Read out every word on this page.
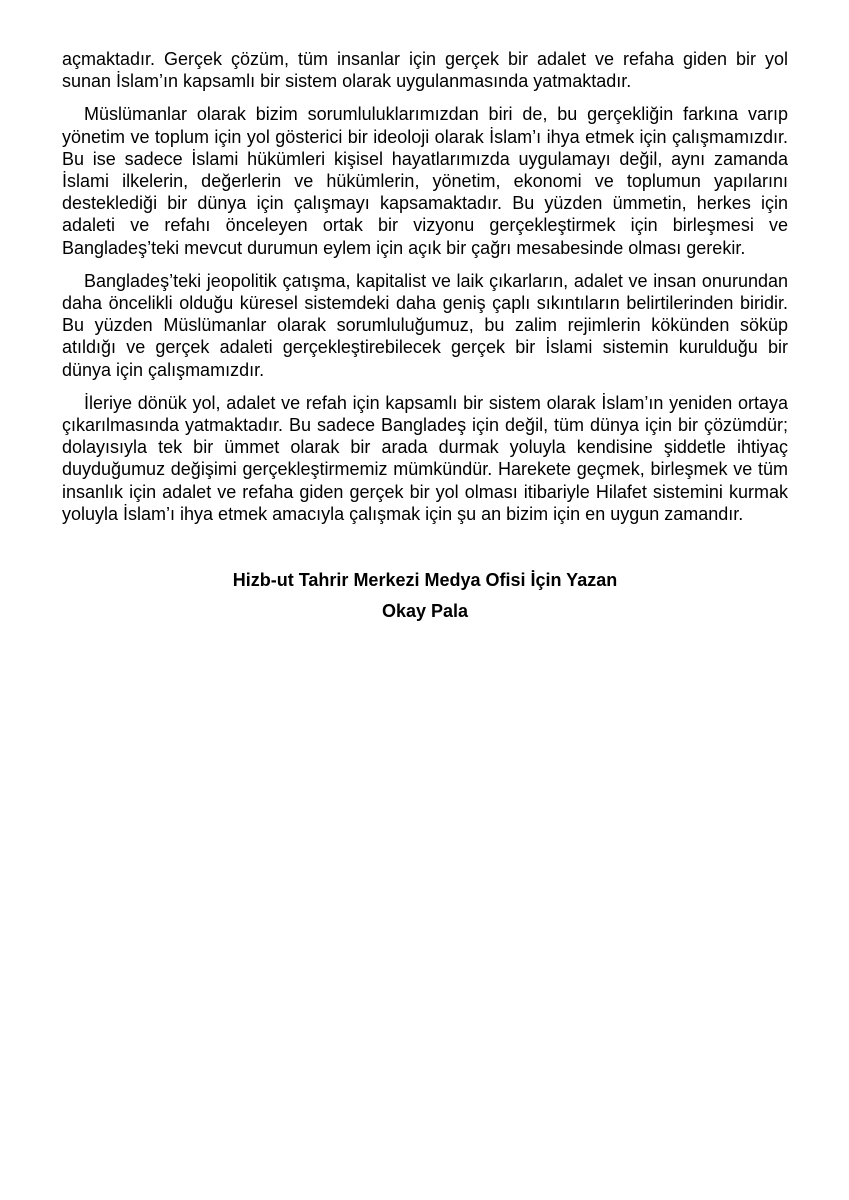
açmaktadır. Gerçek çözüm, tüm insanlar için gerçek bir adalet ve refaha giden bir yol sunan İslam’ın kapsamlı bir sistem olarak uygulanmasında yatmaktadır.

Müslümanlar olarak bizim sorumluluklarımızdan biri de, bu gerçekliğin farkına varıp yönetim ve toplum için yol gösterici bir ideoloji olarak İslam’ı ihya etmek için çalışmamızdır. Bu ise sadece İslami hükümleri kişisel hayatlarımızda uygulamayı değil, aynı zamanda İslami ilkelerin, değerlerin ve hükümlerin, yönetim, ekonomi ve toplumun yapılarını desteklediği bir dünya için çalışmayı kapsamaktadır. Bu yüzden ümmetin, herkes için adaleti ve refahı önceleyen ortak bir vizyonu gerçekleştirmek için birleşmesi ve Bangladeş’teki mevcut durumun eylem için açık bir çağrı mesabesinde olması gerekir.

Bangladeş’teki jeopolitik çatışma, kapitalist ve laik çıkarların, adalet ve insan onurundan daha öncelikli olduğu küresel sistemdeki daha geniş çaplı sıkıntıların belirtilerinden biridir. Bu yüzden Müslümanlar olarak sorumluluğumuz, bu zalim rejimlerin kökünden söküp atıldığı ve gerçek adaleti gerçekleştirebilecek gerçek bir İslami sistemin kurulduğu bir dünya için çalışmamızdır.

İleriye dönük yol, adalet ve refah için kapsamlı bir sistem olarak İslam’ın yeniden ortaya çıkarılmasında yatmaktadır. Bu sadece Bangladeş için değil, tüm dünya için bir çözümdür; dolayısıyla tek bir ümmet olarak bir arada durmak yoluyla kendisine şiddetle ihtiyaç duyduğumuz değişimi gerçekleştirmemiz mümkündür. Harekete geçmek, birleşmek ve tüm insanlık için adalet ve refaha giden gerçek bir yol olması itibariyle Hilafet sistemini kurmak yoluyla İslam’ı ihya etmek amacıyla çalışmak için şu an bizim için en uygun zamandır.

Hizb-ut Tahrir Merkezi Medya Ofisi İçin Yazan
Okay Pala
